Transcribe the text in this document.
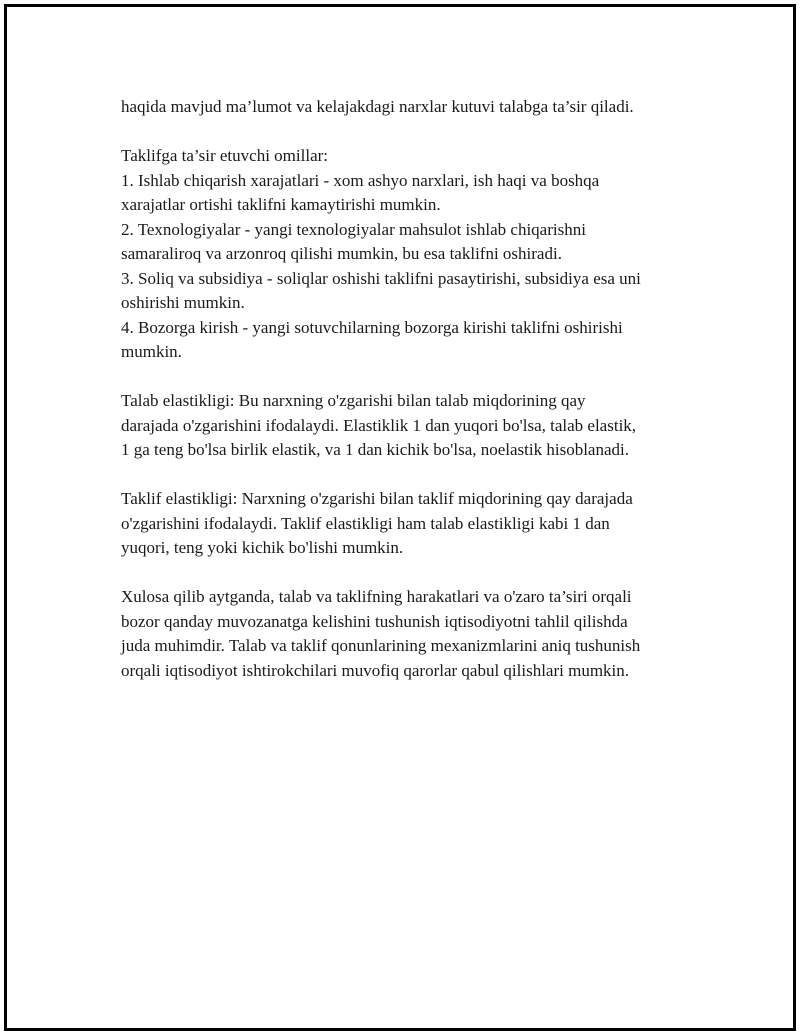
haqida mavjud ma’lumot va kelajakdagi narxlar kutuvi talabga ta’sir qiladi.
Taklifga ta’sir etuvchi omillar:
1. Ishlab chiqarish xarajatlari - xom ashyo narxlari, ish haqi va boshqa
xarajatlar ortishi taklifni kamaytirishi mumkin.
2. Texnologiyalar - yangi texnologiyalar mahsulot ishlab chiqarishni
samaraliroq va arzonroq qilishi mumkin, bu esa taklifni oshiradi.
3. Soliq va subsidiya - soliqlar oshishi taklifni pasaytirishi, subsidiya esa uni
oshirishi mumkin.
4. Bozorga kirish - yangi sotuvchilarning bozorga kirishi taklifni oshirishi
mumkin.
Talab elastikligi: Bu narxning o'zgarishi bilan talab miqdorining qay
darajada o'zgarishini ifodalaydi. Elastiklik 1 dan yuqori bo'lsa, talab elastik,
1 ga teng bo'lsa birlik elastik, va 1 dan kichik bo'lsa, noelastik hisoblanadi.
Taklif elastikligi: Narxning o'zgarishi bilan taklif miqdorining qay darajada
o'zgarishini ifodalaydi. Taklif elastikligi ham talab elastikligi kabi 1 dan
yuqori, teng yoki kichik bo'lishi mumkin.
Xulosa qilib aytganda, talab va taklifning harakatlari va o'zaro ta’siri orqali
bozor qanday muvozanatga kelishini tushunish iqtisodiyotni tahlil qilishda
juda muhimdir. Talab va taklif qonunlarining mexanizmlarini aniq tushunish
orqali iqtisodiyot ishtirokchilari muvofiq qarorlar qabul qilishlari mumkin.
